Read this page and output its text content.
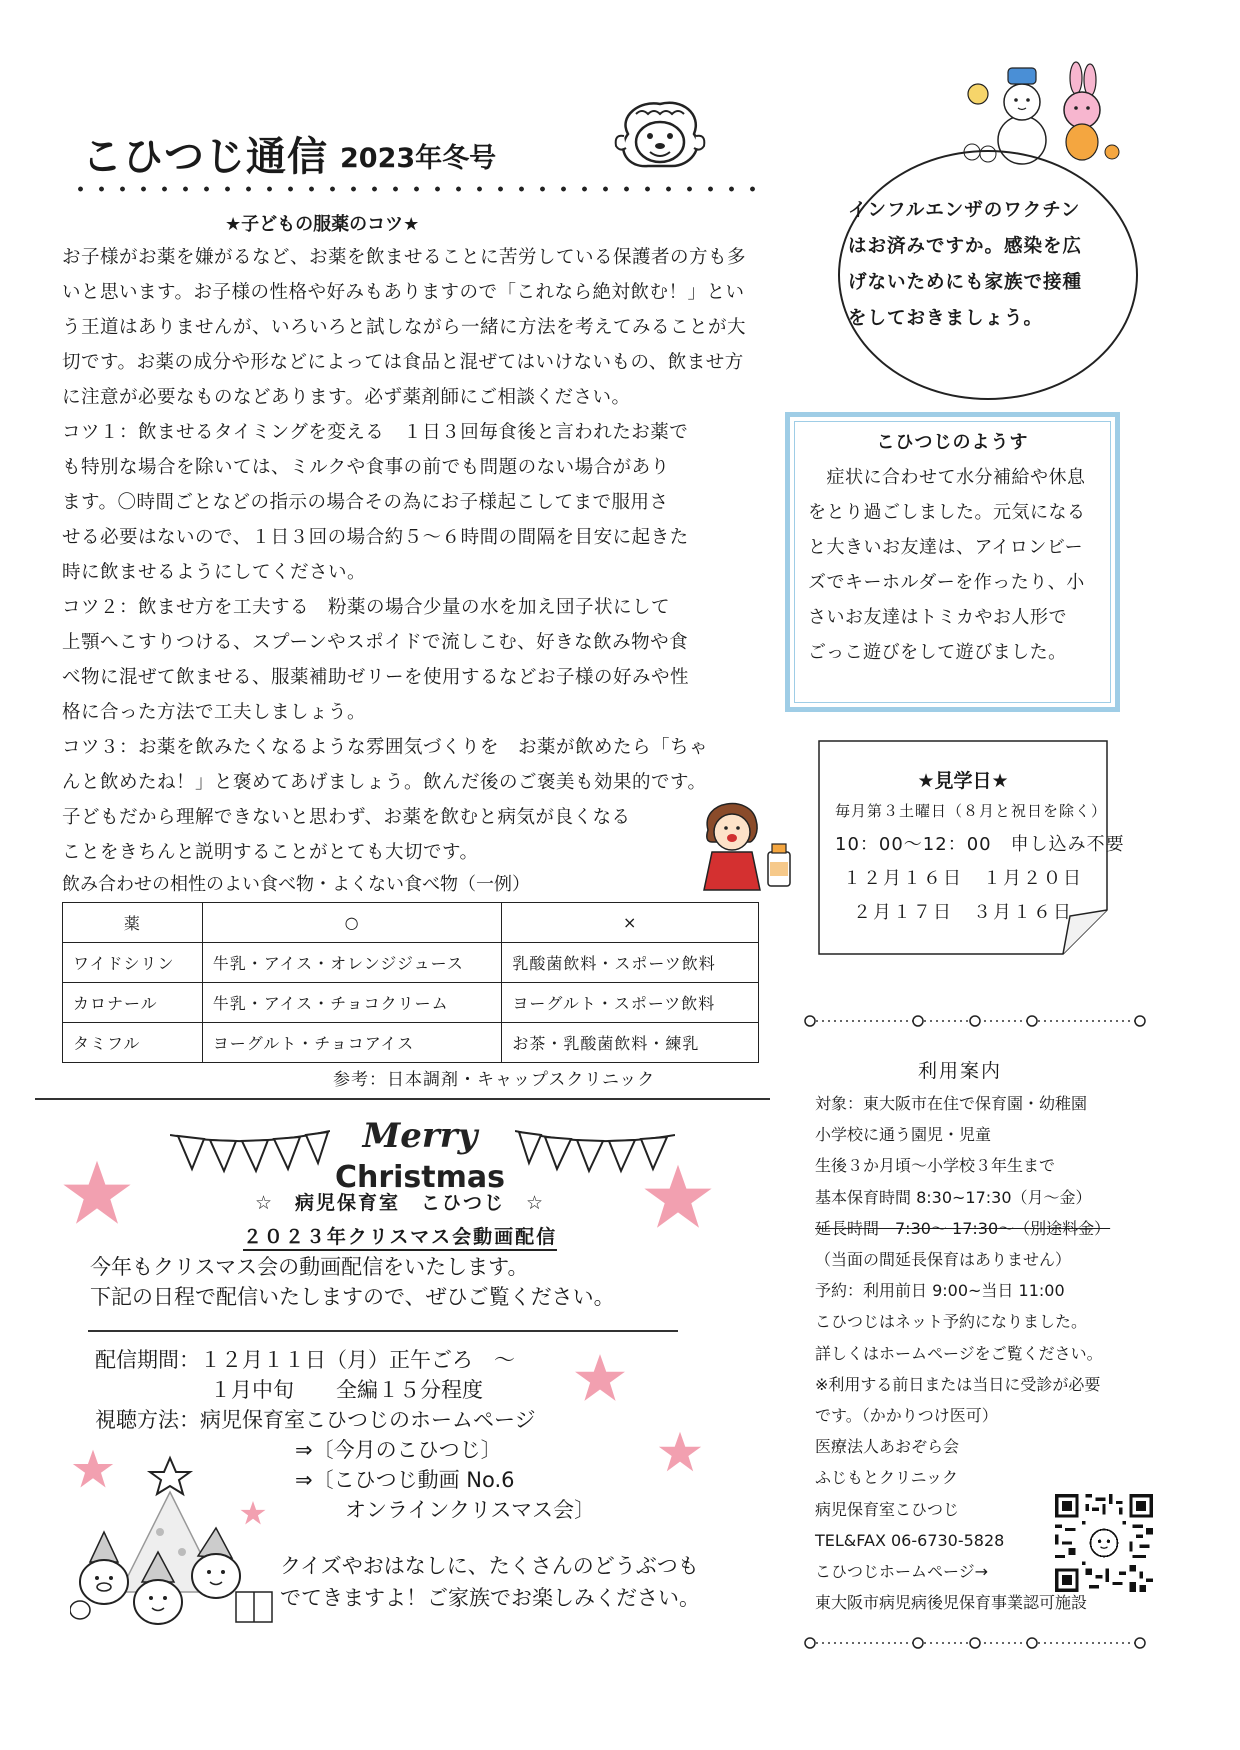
こひつじ通信 2023年冬号
★子どもの服薬のコツ★
お子様がお薬を嫌がるなど、お薬を飲ませることに苦労している保護者の方も多
いと思います。お子様の性格や好みもありますので「これなら絶対飲む！」とい
う王道はありませんが、いろいろと試しながら一緒に方法を考えてみることが大
切です。お薬の成分や形などによっては食品と混ぜてはいけないもの、飲ませ方
に注意が必要なものなどあります。必ず薬剤師にご相談ください。
コツ１：飲ませるタイミングを変える　１日３回毎食後と言われたお薬で
も特別な場合を除いては、ミルクや食事の前でも問題のない場合があり
ます。〇時間ごとなどの指示の場合その為にお子様起こしてまで服用さ
せる必要はないので、１日３回の場合約５～６時間の間隔を目安に起きた
時に飲ませるようにしてください。
コツ２：飲ませ方を工夫する　粉薬の場合少量の水を加え団子状にして
上顎へこすりつける、スプーンやスポイドで流しこむ、好きな飲み物や食
べ物に混ぜて飲ませる、服薬補助ゼリーを使用するなどお子様の好みや性
格に合った方法で工夫しましょう。
コツ３：お薬を飲みたくなるような雰囲気づくりを　お薬が飲めたら「ちゃ
んと飲めたね！」と褒めてあげましょう。飲んだ後のご褒美も効果的です。
子どもだから理解できないと思わず、お薬を飲むと病気が良くなる
ことをきちんと説明することがとても大切です。
飲み合わせの相性のよい食べ物・よくない食べ物（一例）
薬	○	×
ワイドシリン	牛乳・アイス・オレンジジュース	乳酸菌飲料・スポーツ飲料
カロナール	牛乳・アイス・チョコクリーム	ヨーグルト・スポーツ飲料
タミフル	ヨーグルト・チョコアイス	お茶・乳酸菌飲料・練乳
参考：日本調剤・キャップスクリニック
Merry
Christmas
☆　病児保育室　こひつじ　☆
２０２３年クリスマス会動画配信
今年もクリスマス会の動画配信をいたします。
下記の日程で配信いたしますので、ぜひご覧ください。
配信期間：１２月１１日（月）正午ごろ　～
１月中旬　　全編１５分程度
視聴方法：病児保育室こひつじのホームページ
⇒〔今月のこひつじ〕
⇒〔こひつじ動画 No.6
オンラインクリスマス会〕
クイズやおはなしに、たくさんのどうぶつも
でてきますよ！ご家族でお楽しみください。
インフルエンザのワクチン
はお済みですか。感染を広
げないためにも家族で接種
をしておきましょう。
こひつじのようす
　症状に合わせて水分補給や休息
をとり過ごしました。元気になる
と大きいお友達は、アイロンビー
ズでキーホルダーを作ったり、小
さいお友達はトミカやお人形で
ごっこ遊びをして遊びました。
★見学日★
毎月第３土曜日（８月と祝日を除く）
10：00～12：00　申し込み不要
１２月１６日　１月２０日
２月１７日　３月１６日
利用案内
対象：東大阪市在住で保育園・幼稚園
小学校に通う園児・児童
生後３か月頃～小学校３年生まで
基本保育時間 8:30~17:30（月～金）
延長時間　7:30～ 17:30～（別途料金）
（当面の間延長保育はありません）
予約：利用前日 9:00~当日 11:00
こひつじはネット予約になりました。
詳しくはホームページをご覧ください。
※利用する前日または当日に受診が必要
です。（かかりつけ医可）
医療法人あおぞら会
ふじもとクリニック
病児保育室こひつじ
TEL&FAX 06-6730-5828
こひつじホームページ→
東大阪市病児病後児保育事業認可施設
